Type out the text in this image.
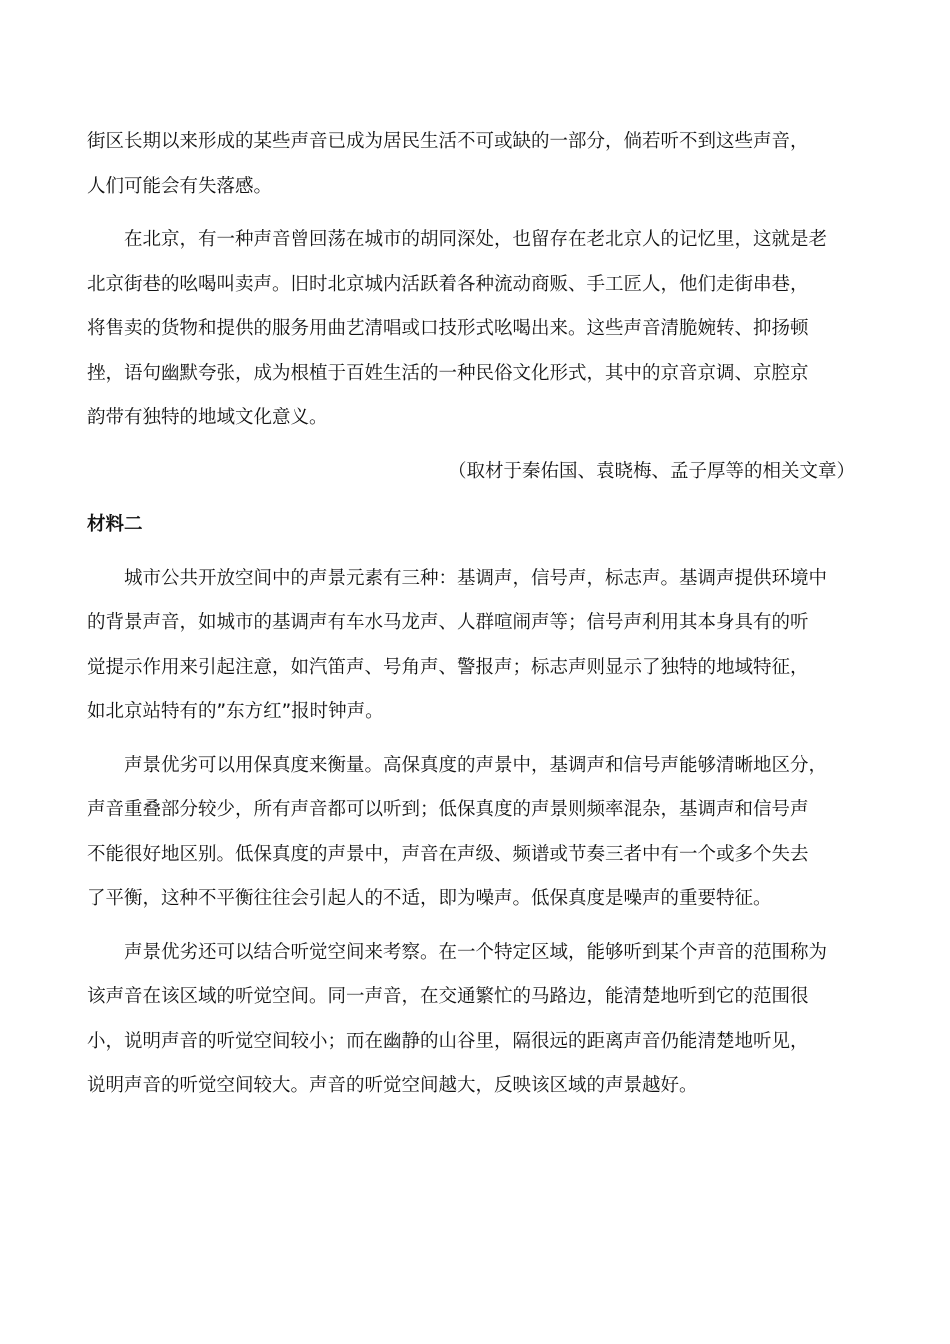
街区长期以来形成的某些声音已成为居民生活不可或缺的一部分，倘若听不到这些声音，
人们可能会有失落感。

　　在北京，有一种声音曾回荡在城市的胡同深处，也留存在老北京人的记忆里，这就是老
北京街巷的吆喝叫卖声。旧时北京城内活跃着各种流动商贩、手工匠人，他们走街串巷，
将售卖的货物和提供的服务用曲艺清唱或口技形式吆喝出来。这些声音清脆婉转、抑扬顿
挫，语句幽默夸张，成为根植于百姓生活的一种民俗文化形式，其中的京音京调、京腔京
韵带有独特的地域文化意义。

（取材于秦佑国、袁晓梅、孟子厚等的相关文章）

材料二

　　城市公共开放空间中的声景元素有三种：基调声，信号声，标志声。基调声提供环境中
的背景声音，如城市的基调声有车水马龙声、人群喧闹声等；信号声利用其本身具有的听
觉提示作用来引起注意，如汽笛声、号角声、警报声；标志声则显示了独特的地域特征，
如北京站特有的”东方红”报时钟声。

　　声景优劣可以用保真度来衡量。高保真度的声景中，基调声和信号声能够清晰地区分，
声音重叠部分较少，所有声音都可以听到；低保真度的声景则频率混杂，基调声和信号声
不能很好地区别。低保真度的声景中，声音在声级、频谱或节奏三者中有一个或多个失去
了平衡，这种不平衡往往会引起人的不适，即为噪声。低保真度是噪声的重要特征。

　　声景优劣还可以结合听觉空间来考察。在一个特定区域，能够听到某个声音的范围称为
该声音在该区域的听觉空间。同一声音，在交通繁忙的马路边，能清楚地听到它的范围很
小，说明声音的听觉空间较小；而在幽静的山谷里，隔很远的距离声音仍能清楚地听见，
说明声音的听觉空间较大。声音的听觉空间越大，反映该区域的声景越好。
